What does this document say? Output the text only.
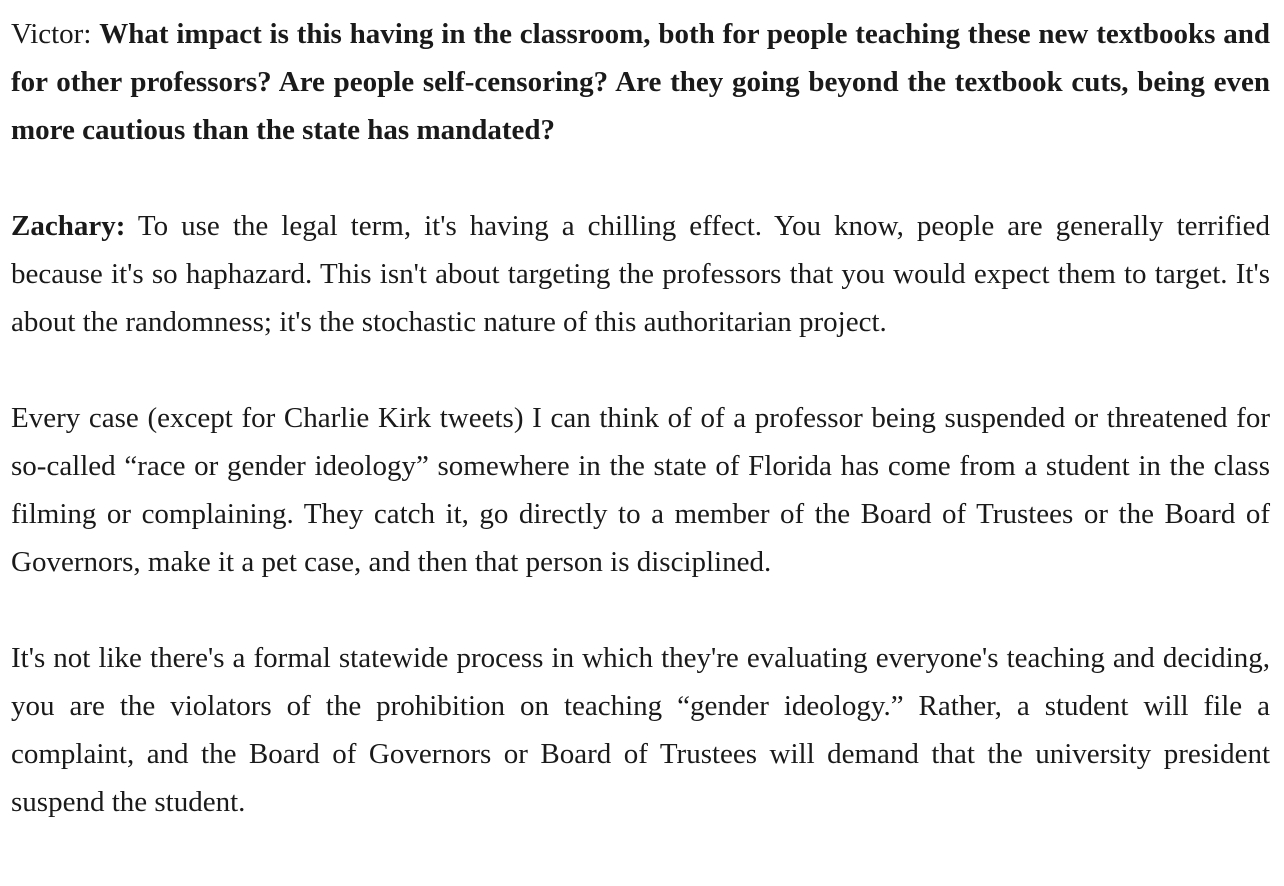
Victor: What impact is this having in the classroom, both for people teaching these new textbooks and for other professors? Are people self-censoring? Are they going beyond the textbook cuts, being even more cautious than the state has mandated?

Zachary: To use the legal term, it's having a chilling effect. You know, people are generally terrified because it's so haphazard. This isn't about targeting the professors that you would expect them to target. It's about the randomness; it's the stochastic nature of this authoritarian project.

Every case (except for Charlie Kirk tweets) I can think of of a professor being suspended or threatened for so-called “race or gender ideology” somewhere in the state of Florida has come from a student in the class filming or complaining. They catch it, go directly to a member of the Board of Trustees or the Board of Governors, make it a pet case, and then that person is disciplined.

It's not like there's a formal statewide process in which they're evaluating everyone's teaching and deciding, you are the violators of the prohibition on teaching “gender ideology.” Rather, a student will file a complaint, and the Board of Governors or Board of Trustees will demand that the university president suspend the student.
